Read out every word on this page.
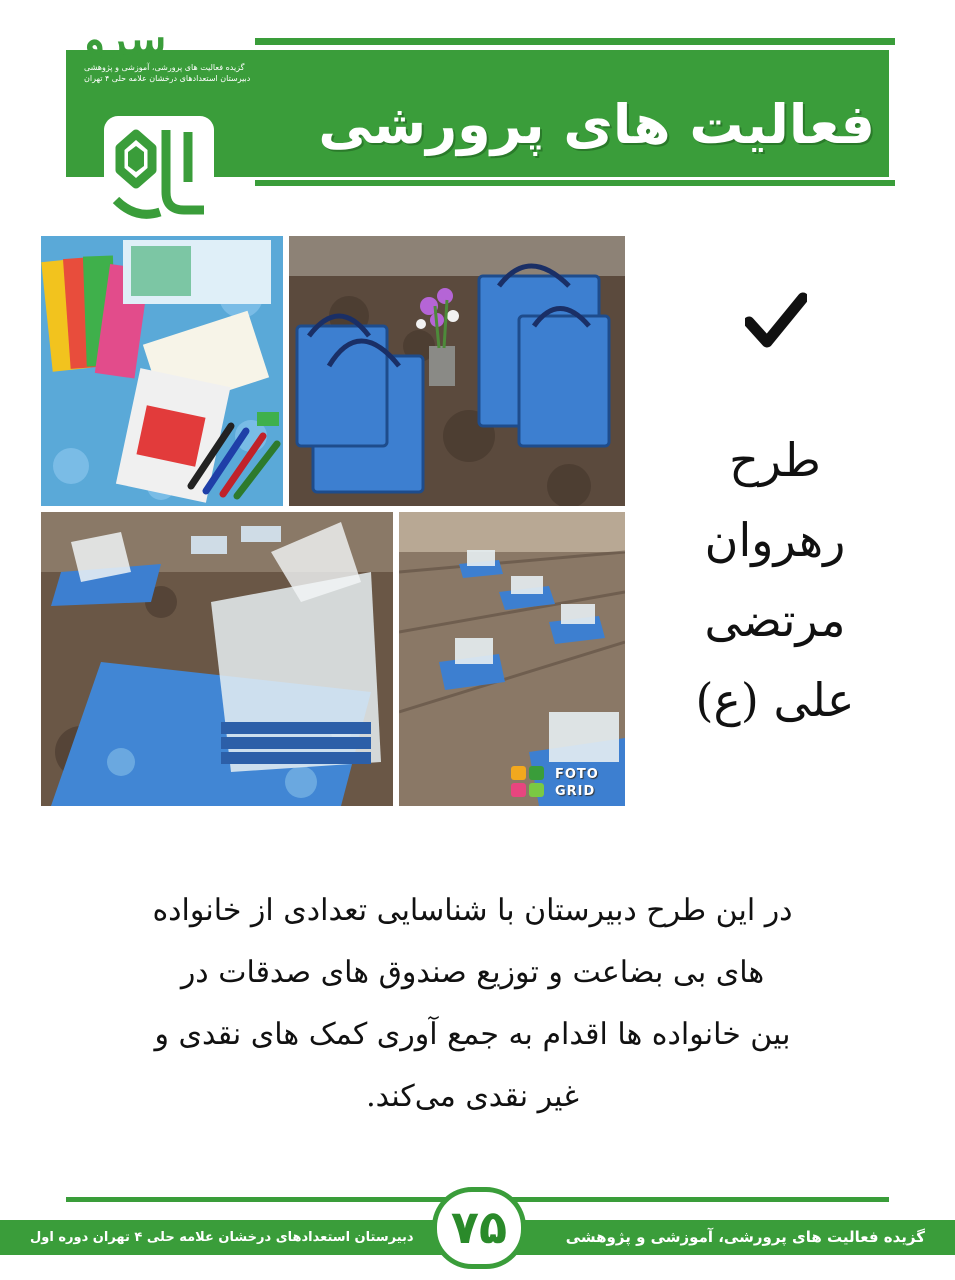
سرو
گزیده فعالیت های پرورشی، آموزشی و پژوهشی
دبیرستان استعدادهای درخشان علامه حلی ۴ تهران
فعالیت های پرورشی
FOTO
GRID
طرح
رهروان
مرتضی
علی (ع)
در این طرح دبیرستان با شناسایی تعدادی از خانواده
های بی بضاعت و توزیع صندوق های صدقات در
بین خانواده ها اقدام به جمع آوری کمک های نقدی و
غیر نقدی می‌کند.
گزیده فعالیت های پرورشی، آموزشی و پژوهشی
دبیرستان استعدادهای درخشان علامه حلی ۴ تهران دوره اول ۷۵
